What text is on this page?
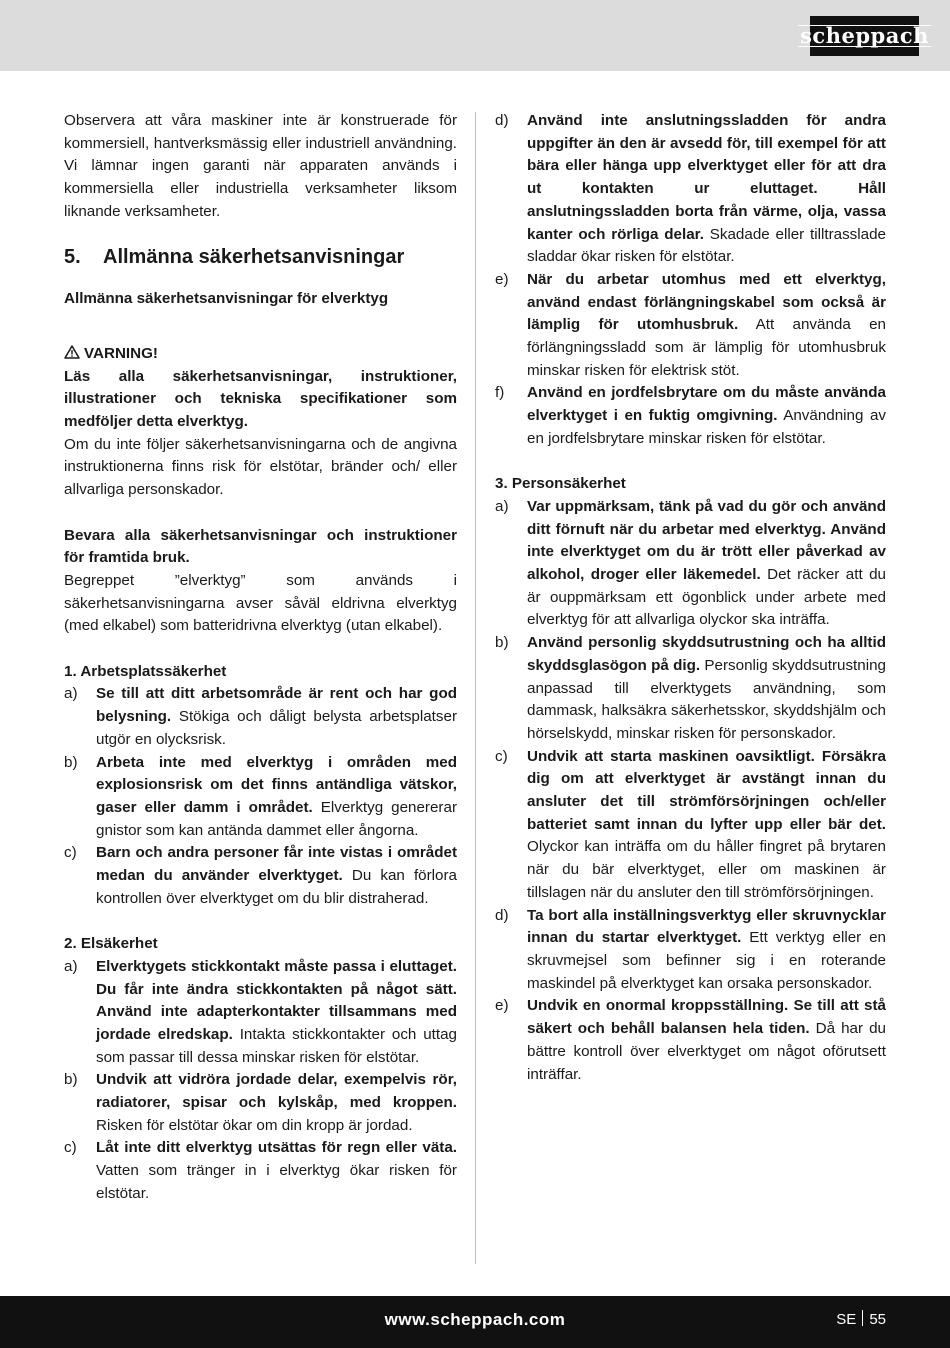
scheppach

Observera att våra maskiner inte är konstruerade för kommersiell, hantverksmässig eller industriell användning. Vi lämnar ingen garanti när apparaten används i kommersiella eller industriella verksamheter liksom liknande verksamheter.

5.	Allmänna säkerhetsanvisningar

Allmänna säkerhetsanvisningar för elverktyg

VARNING!

Läs alla säkerhetsanvisningar, instruktioner, illustrationer och tekniska specifikationer som medföljer detta elverktyg.

Om du inte följer säkerhetsanvisningarna och de angivna instruktionerna finns risk för elstötar, bränder och/ eller allvarliga personskador.

Bevara alla säkerhetsanvisningar och instruktioner för framtida bruk.

Begreppet ”elverktyg” som används i säkerhetsanvisningarna avser såväl eldrivna elverktyg (med elkabel) som batteridrivna elverktyg (utan elkabel).

1. Arbetsplatssäkerhet

a)	Se till att ditt arbetsområde är rent och har god belysning. Stökiga och dåligt belysta arbetsplatser utgör en olycksrisk.
b)	Arbeta inte med elverktyg i områden med explosionsrisk om det finns antändliga vätskor, gaser eller damm i området. Elverktyg genererar gnistor som kan antända dammet eller ångorna.
c)	Barn och andra personer får inte vistas i området medan du använder elverktyget. Du kan förlora kontrollen över elverktyget om du blir distraherad.

2. Elsäkerhet

a)	Elverktygets stickkontakt måste passa i eluttaget. Du får inte ändra stickkontakten på något sätt. Använd inte adapterkontakter tillsammans med jordade elredskap. Intakta stickkontakter och uttag som passar till dessa minskar risken för elstötar.
b)	Undvik att vidröra jordade delar, exempelvis rör, radiatorer, spisar och kylskåp, med kroppen. Risken för elstötar ökar om din kropp är jordad.
c)	Låt inte ditt elverktyg utsättas för regn eller väta. Vatten som tränger in i elverktyg ökar risken för elstötar.
d)	Använd inte anslutningssladden för andra uppgifter än den är avsedd för, till exempel för att bära eller hänga upp elverktyget eller för att dra ut kontakten ur eluttaget. Håll anslutningssladden borta från värme, olja, vassa kanter och rörliga delar. Skadade eller tilltrasslade sladdar ökar risken för elstötar.
e)	När du arbetar utomhus med ett elverktyg, använd endast förlängningskabel som också är lämplig för utomhusbruk. Att använda en förlängningssladd som är lämplig för utomhusbruk minskar risken för elektrisk stöt.
f)	Använd en jordfelsbrytare om du måste använda elverktyget i en fuktig omgivning. Användning av en jordfelsbrytare minskar risken för elstötar.

3. Personsäkerhet

a)	Var uppmärksam, tänk på vad du gör och använd ditt förnuft när du arbetar med elverktyg. Använd inte elverktyget om du är trött eller påverkad av alkohol, droger eller läkemedel. Det räcker att du är ouppmärksam ett ögonblick under arbete med elverktyg för att allvarliga olyckor ska inträffa.
b)	Använd personlig skyddsutrustning och ha alltid skyddsglasögon på dig. Personlig skyddsutrustning anpassad till elverktygets användning, som dammask, halksäkra säkerhetsskor, skyddshjälm och hörselskydd, minskar risken för personskador.
c)	Undvik att starta maskinen oavsiktligt. Försäkra dig om att elverktyget är avstängt innan du ansluter det till strömförsörjningen och/eller batteriet samt innan du lyfter upp eller bär det. Olyckor kan inträffa om du håller fingret på brytaren när du bär elverktyget, eller om maskinen är tillslagen när du ansluter den till strömförsörjningen.
d)	Ta bort alla inställningsverktyg eller skruvnycklar innan du startar elverktyget. Ett verktyg eller en skruvmejsel som befinner sig i en roterande maskindel på elverktyget kan orsaka personskador.
e)	Undvik en onormal kroppsställning. Se till att stå säkert och behåll balansen hela tiden. Då har du bättre kontroll över elverktyget om något oförutsett inträffar.
www.scheppach.com	SE 55
